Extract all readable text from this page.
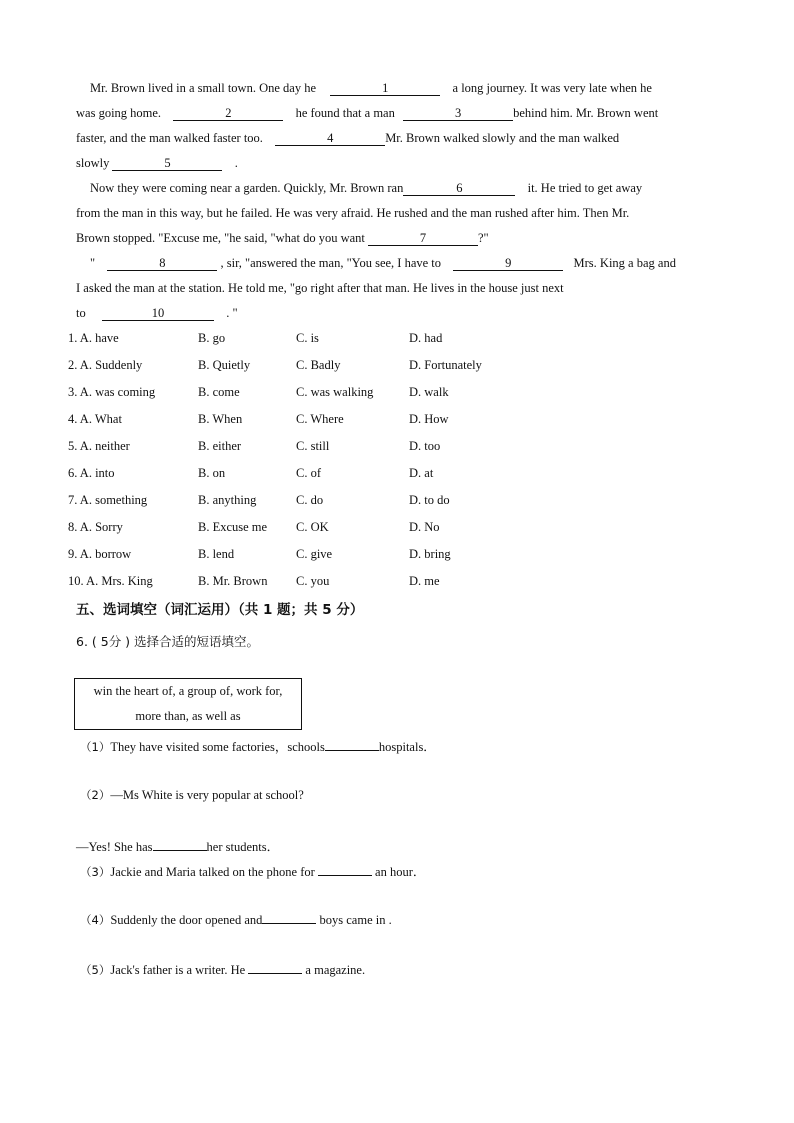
Mr. Brown lived in a small town. One day he	1	a long journey. It was very late when he
was going home.	2	he found that a man	3	behind him. Mr. Brown went
faster, and the man walked faster too.	4	Mr. Brown walked slowly and the man walked
slowly	5	.
Now they were coming near a garden. Quickly, Mr. Brown ran	6	it. He tried to get away
from the man in this way, but he failed. He was very afraid. He rushed and the man rushed after him. Then Mr.
Brown stopped. "Excuse me, "he said, "what do you want	7	?"
"	8	, sir, "answered the man, "You see, I have to	9	Mrs. King a bag and
I asked the man at the station. He told me, "go right after that man. He lives in the house just next
to	10	. "
1. A. have	B. go	C. is	D. had
2. A. Suddenly	B. Quietly	C. Badly	D. Fortunately
3. A. was coming	B. come	C. was walking	D. walk
4. A. What	B. When	C. Where	D. How
5. A. neither	B. either	C. still	D. too
6. A. into	B. on	C. of	D. at
7. A. something	B. anything	C. do	D. to do
8. A. Sorry	B. Excuse me C. OK	D. No
9. A. borrow	B. lend	C. give	D. bring
10. A. Mrs. King	B. Mr. Brown C. you	D. me
五、选词填空（词汇运用）（共 1 题；共 5 分）
6. ( 5分 ) 选择合适的短语填空。
win the heart of, a group of, work for,
more than, as well as
（1）They have visited some factories，schools	hospitals．
（2）—Ms White is very popular at school?
—Yes! She has	her students．
（3）Jackie and Maria talked on the phone for	an hour．
（4）Suddenly the door opened and	boys came in .
（5）Jack's father is a writer. He	a magazine.
